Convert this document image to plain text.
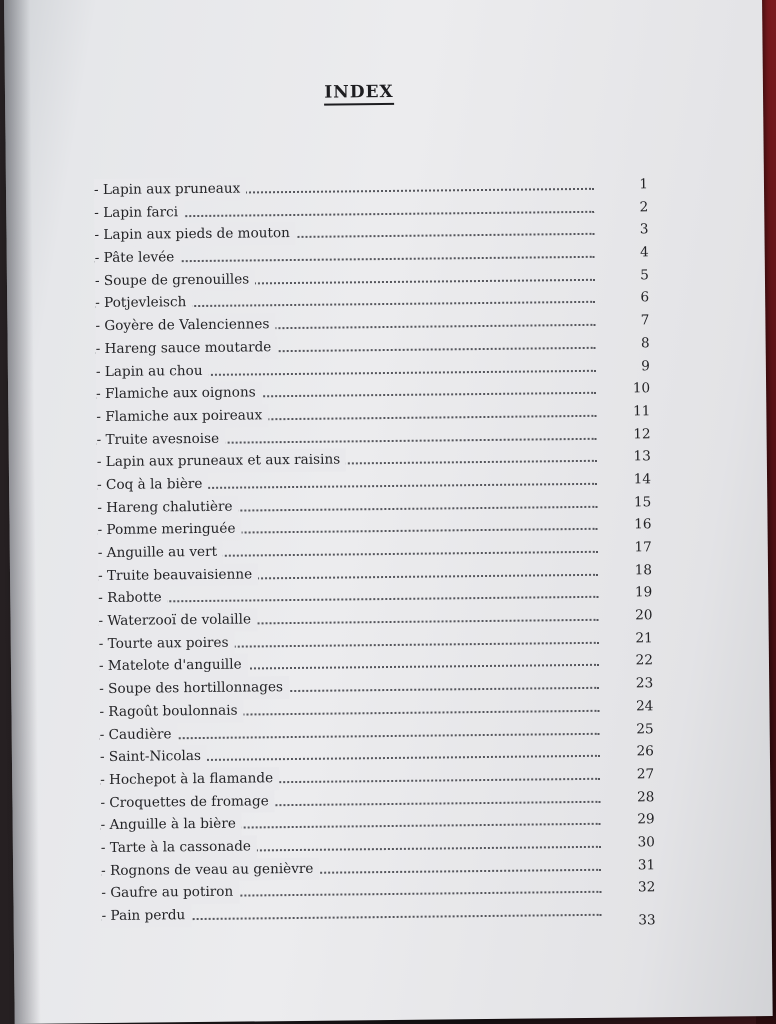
INDEX
- Lapin aux pruneaux	1
- Lapin farci	2
- Lapin aux pieds de mouton	3
- Pâte levée	4
- Soupe de grenouilles	5
- Potjevleisch	6
- Goyère de Valenciennes	7
- Hareng sauce moutarde	8
- Lapin au chou	9
- Flamiche aux oignons	10
- Flamiche aux poireaux	11
- Truite avesnoise	12
- Lapin aux pruneaux et aux raisins	13
- Coq à la bière	14
- Hareng chalutière	15
- Pomme meringuée	16
- Anguille au vert	17
- Truite beauvaisienne	18
- Rabotte	19
- Waterzooï de volaille	20
- Tourte aux poires	21
- Matelote d'anguille	22
- Soupe des hortillonnages	23
- Ragoût boulonnais	24
- Caudière	25
- Saint-Nicolas	26
- Hochepot à la flamande	27
- Croquettes de fromage	28
- Anguille à la bière	29
- Tarte à la cassonade	30
- Rognons de veau au genièvre	31
- Gaufre au potiron	32
- Pain perdu	33
